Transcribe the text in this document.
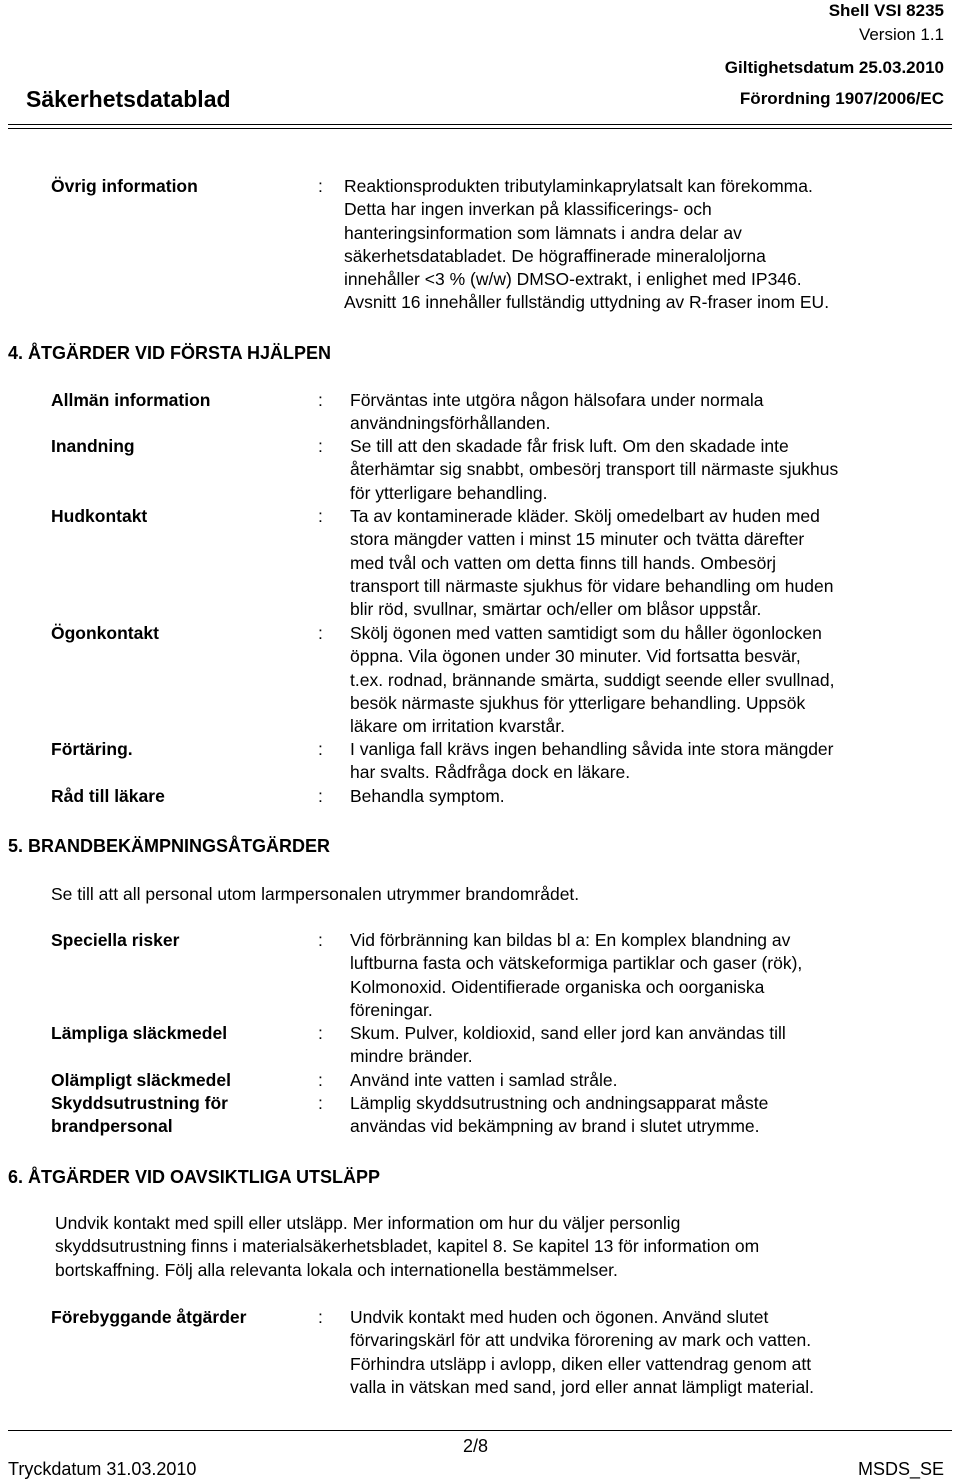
Shell VSI 8235
Version 1.1
Giltighetsdatum 25.03.2010
Förordning 1907/2006/EC
Säkerhetsdatablad
Övrig information	: Reaktionsprodukten tributylaminkaprylatsalt kan förekomma.
Detta har ingen inverkan på klassificerings- och
hanteringsinformation som lämnats i andra delar av
säkerhetsdatabladet. De högraffinerade mineraloljorna
innehåller <3 % (w/w) DMSO-extrakt, i enlighet med IP346.
Avsnitt 16 innehåller fullständig uttydning av R-fraser inom EU.
4. ÅTGÄRDER VID FÖRSTA HJÄLPEN
Allmän information	: Förväntas inte utgöra någon hälsofara under normala
användningsförhållanden.
Inandning	: Se till att den skadade får frisk luft. Om den skadade inte
återhämtar sig snabbt, ombesörj transport till närmaste sjukhus
för ytterligare behandling.
Hudkontakt	: Ta av kontaminerade kläder. Skölj omedelbart av huden med
stora mängder vatten i minst 15 minuter och tvätta därefter
med tvål och vatten om detta finns till hands. Ombesörj
transport till närmaste sjukhus för vidare behandling om huden
blir röd, svullnar, smärtar och/eller om blåsor uppstår.
Ögonkontakt	: Skölj ögonen med vatten samtidigt som du håller ögonlocken
öppna. Vila ögonen under 30 minuter. Vid fortsatta besvär,
t.ex. rodnad, brännande smärta, suddigt seende eller svullnad,
besök närmaste sjukhus för ytterligare behandling. Uppsök
läkare om irritation kvarstår.
Förtäring.	: I vanliga fall krävs ingen behandling såvida inte stora mängder
har svalts. Rådfråga dock en läkare.
Råd till läkare	: Behandla symptom.
5. BRANDBEKÄMPNINGSÅTGÄRDER
Se till att all personal utom larmpersonalen utrymmer brandområdet.
Speciella risker	: Vid förbränning kan bildas bl a: En komplex blandning av
luftburna fasta och vätskeformiga partiklar och gaser (rök),
Kolmonoxid. Oidentifierade organiska och oorganiska
föreningar.
Lämpliga släckmedel	: Skum. Pulver, koldioxid, sand eller jord kan användas till
mindre bränder.
Olämpligt släckmedel	: Använd inte vatten i samlad stråle.
Skyddsutrustning för brandpersonal
: Lämplig skyddsutrustning och andningsapparat måste
användas vid bekämpning av brand i slutet utrymme.
6. ÅTGÄRDER VID OAVSIKTLIGA UTSLÄPP
Undvik kontakt med spill eller utsläpp. Mer information om hur du väljer personlig
skyddsutrustning finns i materialsäkerhetsbladet, kapitel 8. Se kapitel 13 för information om
bortskaffning. Följ alla relevanta lokala och internationella bestämmelser.
Förebyggande åtgärder	: Undvik kontakt med huden och ögonen. Använd slutet
förvaringskärl för att undvika förorening av mark och vatten.
Förhindra utsläpp i avlopp, diken eller vattendrag genom att
valla in vätskan med sand, jord eller annat lämpligt material.
2/8
Tryckdatum 31.03.2010	MSDS_SE
